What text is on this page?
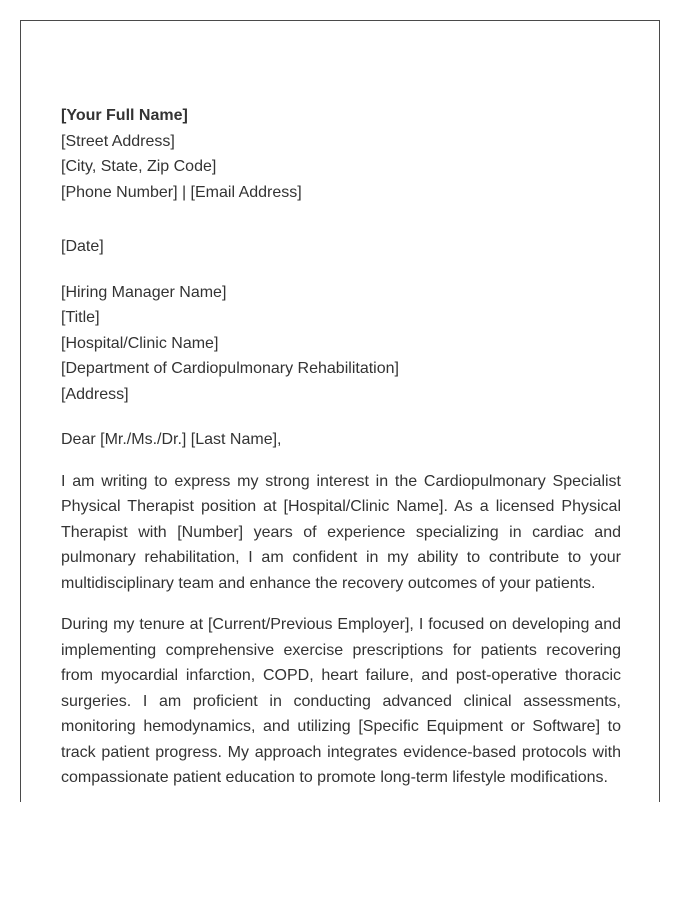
[Your Full Name]
[Street Address]
[City, State, Zip Code]
[Phone Number] | [Email Address]
[Date]
[Hiring Manager Name]
[Title]
[Hospital/Clinic Name]
[Department of Cardiopulmonary Rehabilitation]
[Address]
Dear [Mr./Ms./Dr.] [Last Name],

I am writing to express my strong interest in the Cardiopulmonary Specialist Physical Therapist position at [Hospital/Clinic Name]. As a licensed Physical Therapist with [Number] years of experience specializing in cardiac and pulmonary rehabilitation, I am confident in my ability to contribute to your multidisciplinary team and enhance the recovery outcomes of your patients.

During my tenure at [Current/Previous Employer], I focused on developing and implementing comprehensive exercise prescriptions for patients recovering from myocardial infarction, COPD, heart failure, and post-operative thoracic surgeries. I am proficient in conducting advanced clinical assessments, monitoring hemodynamics, and utilizing [Specific Equipment or Software] to track patient progress. My approach integrates evidence-based protocols with compassionate patient education to promote long-term lifestyle modifications.
